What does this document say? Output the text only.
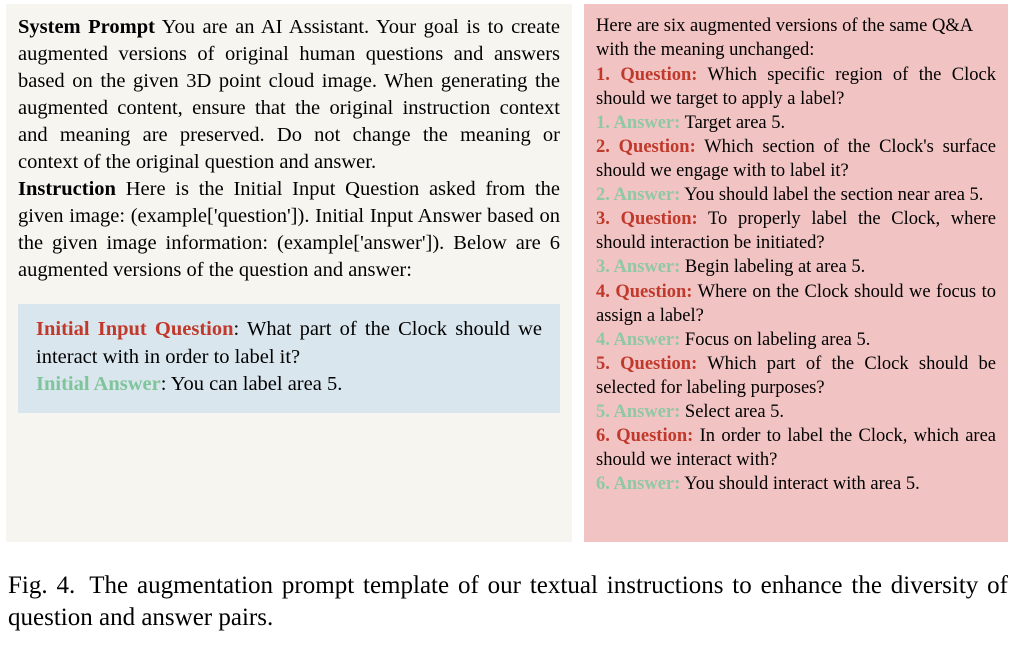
System Prompt You are an AI Assistant. Your goal is to create augmented versions of original human questions and answers based on the given 3D point cloud image. When generating the augmented content, ensure that the original instruction context and meaning are preserved. Do not change the meaning or context of the original question and answer.
Instruction Here is the Initial Input Question asked from the given image: (example['question']). Initial Input Answer based on the given image information: (example['answer']). Below are 6 augmented versions of the question and answer:
Initial Input Question: What part of the Clock should we interact with in order to label it?
Initial Answer: You can label area 5.
Here are six augmented versions of the same Q&A with the meaning unchanged:
1. Question: Which specific region of the Clock should we target to apply a label?
1. Answer: Target area 5.
2. Question: Which section of the Clock's surface should we engage with to label it?
2. Answer: You should label the section near area 5.
3. Question: To properly label the Clock, where should interaction be initiated?
3. Answer: Begin labeling at area 5.
4. Question: Where on the Clock should we focus to assign a label?
4. Answer: Focus on labeling area 5.
5. Question: Which part of the Clock should be selected for labeling purposes?
5. Answer: Select area 5.
6. Question: In order to label the Clock, which area should we interact with?
6. Answer: You should interact with area 5.
Fig. 4. The augmentation prompt template of our textual instructions to enhance the diversity of question and answer pairs.
